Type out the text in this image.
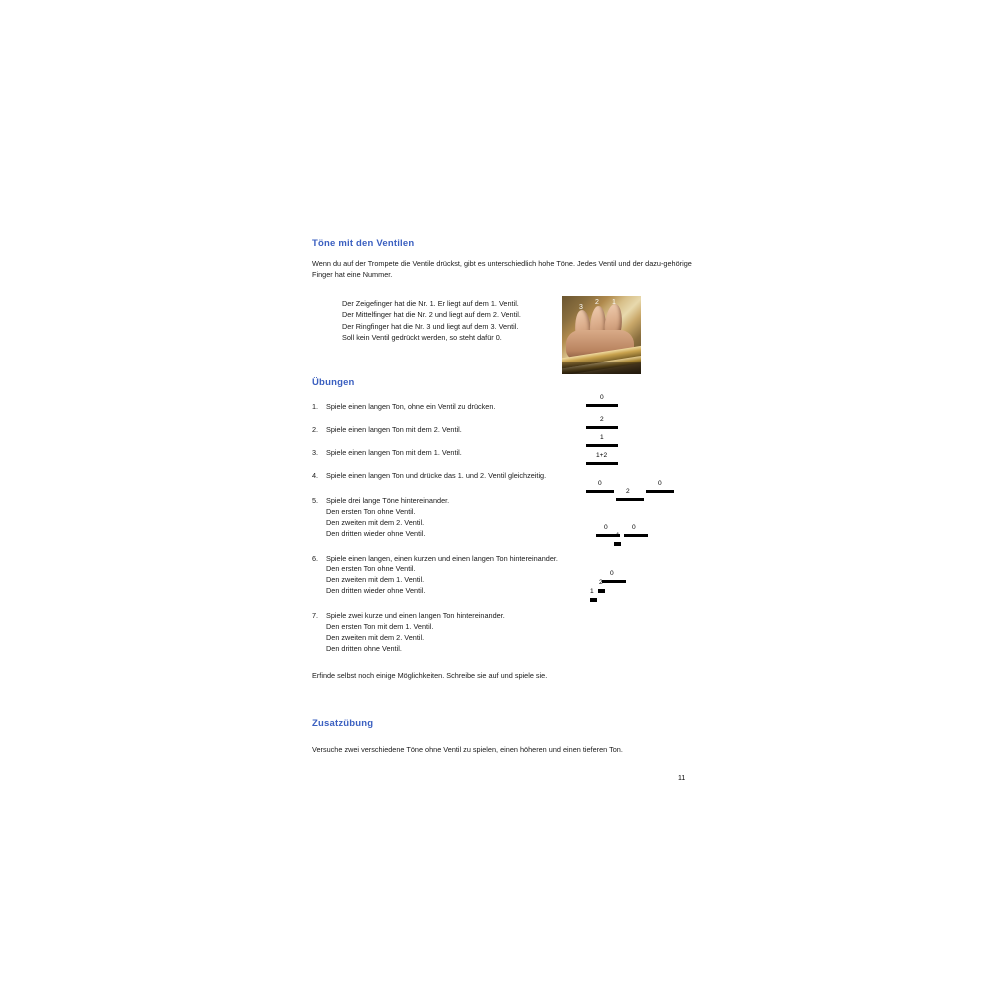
Töne mit den Ventilen

Wenn du auf der Trompete die Ventile drückst, gibt es unterschiedlich hohe Töne. Jedes Ventil und der dazu-gehörige Finger hat eine Nummer.

Der Zeigefinger hat die Nr. 1. Er liegt auf dem 1. Ventil.
Der Mittelfinger hat die Nr. 2 und liegt auf dem 2. Ventil.
Der Ringfinger hat die Nr. 3 und liegt auf dem 3. Ventil.
Soll kein Ventil gedrückt werden, so steht dafür 0.
3
2 1
Übungen
1. Spiele einen langen Ton, ohne ein Ventil zu drücken.
2. Spiele einen langen Ton mit dem 2. Ventil.
3. Spiele einen langen Ton mit dem 1. Ventil.
4. Spiele einen langen Ton und drücke das 1. und 2. Ventil gleichzeitig.
5. Spiele drei lange Töne hintereinander.
Den ersten Ton ohne Ventil.
Den zweiten mit dem 2. Ventil.
Den dritten wieder ohne Ventil.
6. Spiele einen langen, einen kurzen und einen langen Ton hintereinander.
Den ersten Ton ohne Ventil.
Den zweiten mit dem 1. Ventil.
Den dritten wieder ohne Ventil.
7. Spiele zwei kurze und einen langen Ton hintereinander.
Den ersten Ton mit dem 1. Ventil.
Den zweiten mit dem 2. Ventil.
Den dritten ohne Ventil.
Erfinde selbst noch einige Möglichkeiten. Schreibe sie auf und spiele sie.
0
2
1
1+2
0
2
0
0
1
0
0
2
1
Zusatzübung

Versuche zwei verschiedene Töne ohne Ventil zu spielen, einen höheren und einen tieferen Ton.

11
